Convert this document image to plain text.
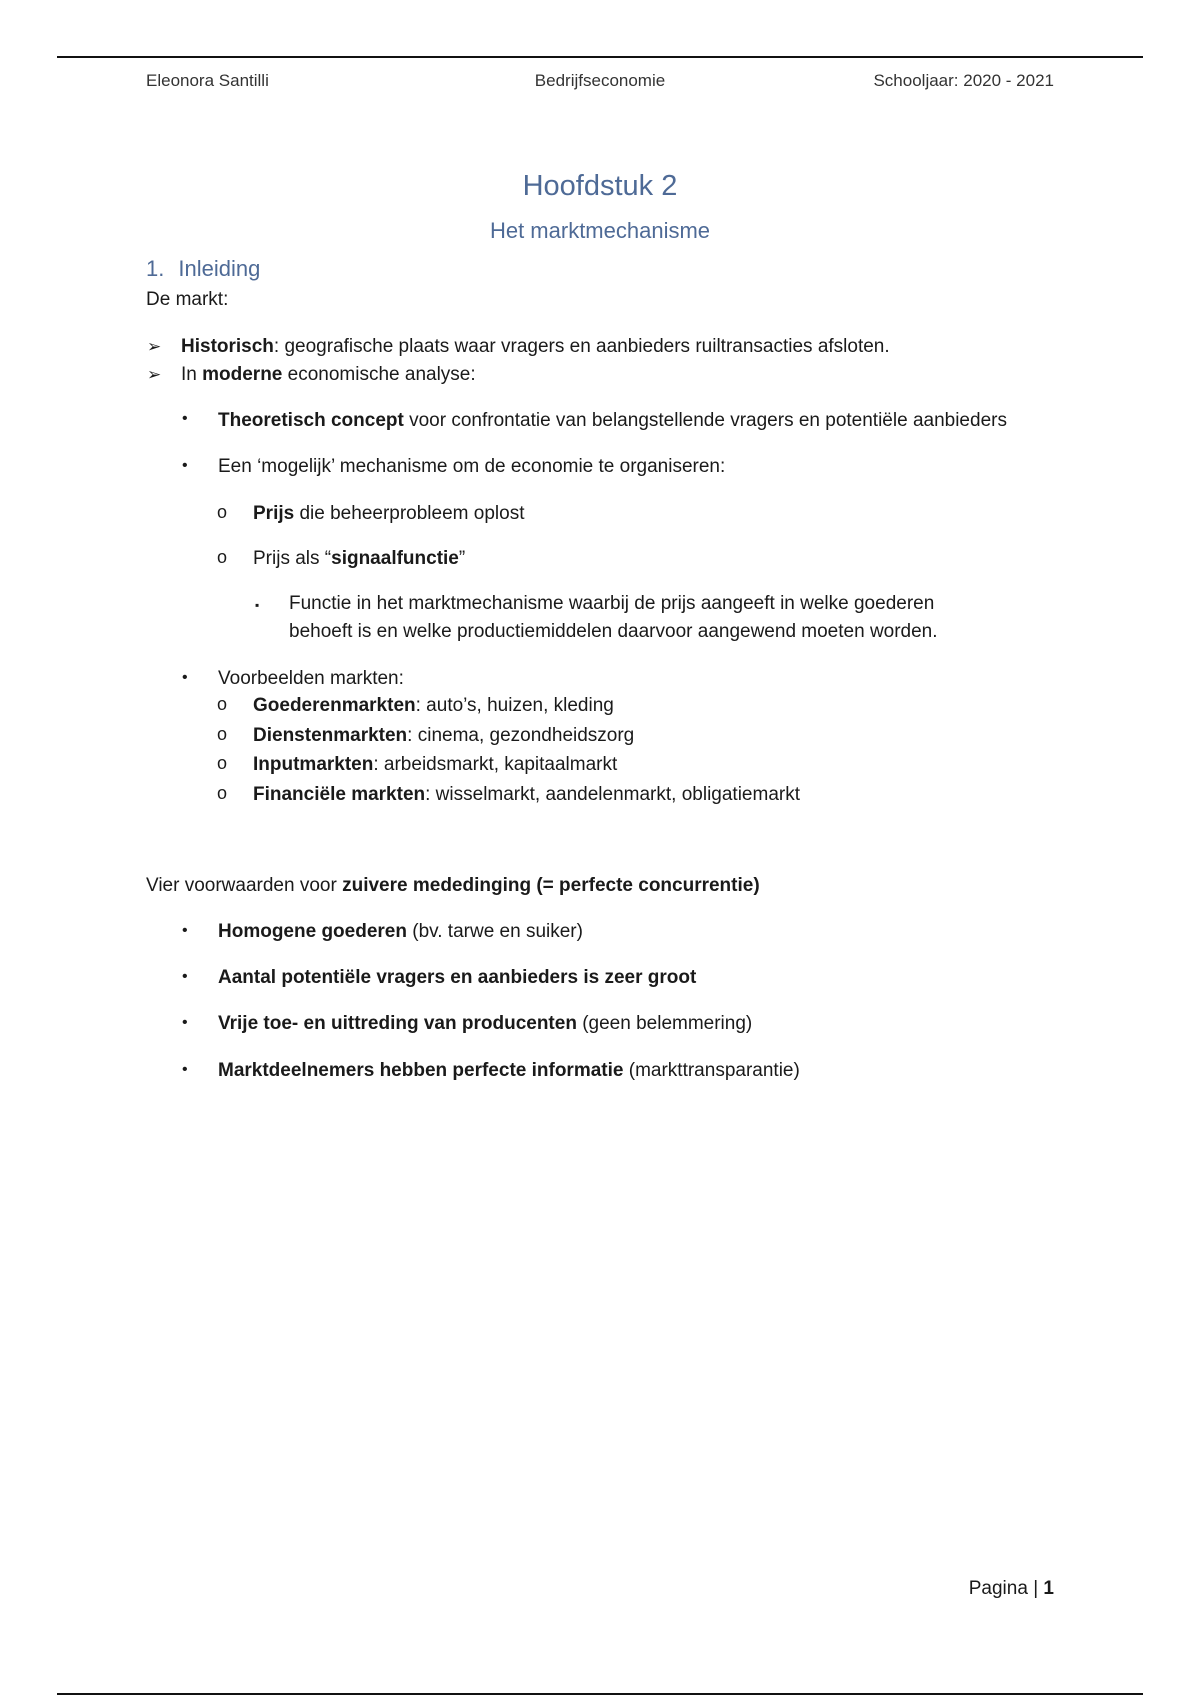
Eleonora Santilli	Bedrijfseconomie	Schooljaar: 2020 - 2021
Hoofdstuk 2
Het marktmechanisme
1. Inleiding
De markt:
➢ Historisch: geografische plaats waar vragers en aanbieders ruiltransacties afsloten.
➢ In moderne economische analyse:
• Theoretisch concept voor confrontatie van belangstellende vragers en potentiële aanbieders
• Een ‘mogelijk’ mechanisme om de economie te organiseren:
o Prijs die beheerprobleem oplost
o Prijs als “signaalfunctie”
▪ Functie in het marktmechanisme waarbij de prijs aangeeft in welke goederen
behoeft is en welke productiemiddelen daarvoor aangewend moeten worden.
• Voorbeelden markten:
o Goederenmarkten: auto’s, huizen, kleding
o Dienstenmarkten: cinema, gezondheidszorg
o Inputmarkten: arbeidsmarkt, kapitaalmarkt
o Financiële markten: wisselmarkt, aandelenmarkt, obligatiemarkt
Vier voorwaarden voor zuivere mededinging (= perfecte concurrentie)
• Homogene goederen (bv. tarwe en suiker)
• Aantal potentiële vragers en aanbieders is zeer groot
• Vrije toe- en uittreding van producenten (geen belemmering)
• Marktdeelnemers hebben perfecte informatie (markttransparantie)
Pagina | 1
